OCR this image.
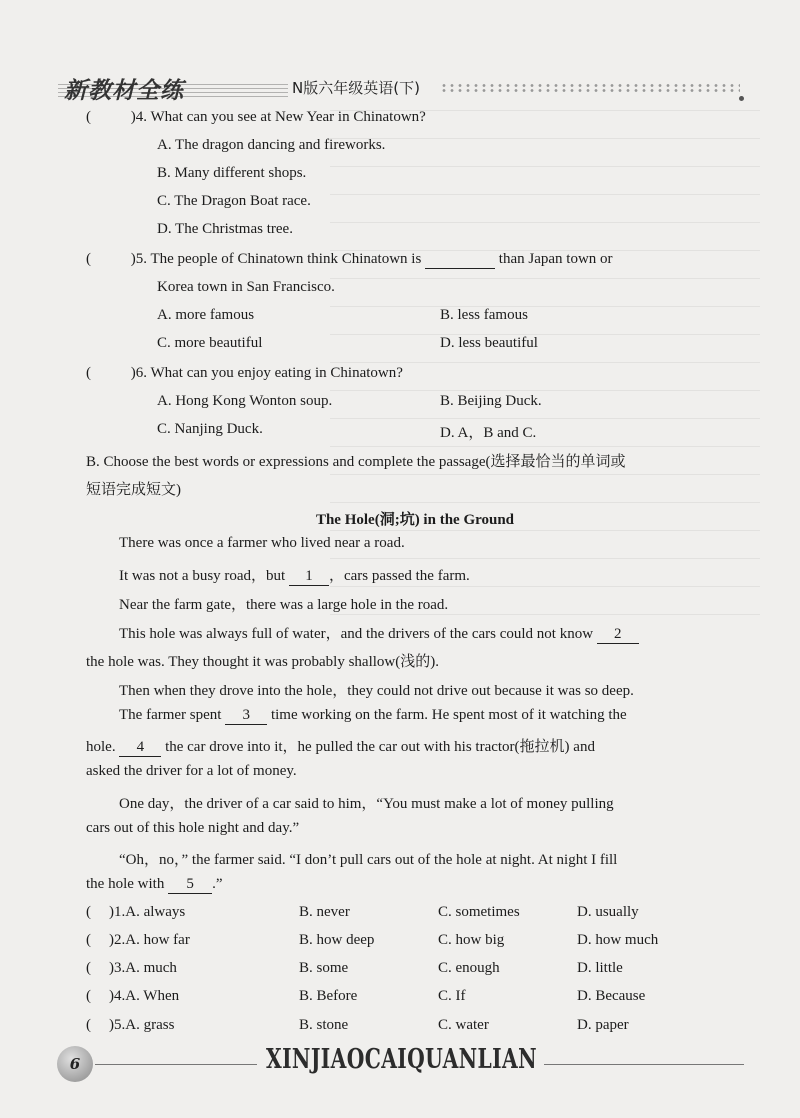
新教材全练	N版六年级英语(下)
(	)4. What can you see at New Year in Chinatown?
A. The dragon dancing and fireworks.
B. Many different shops.
C. The Dragon Boat race.
D. The Christmas tree.
(	)5. The people of Chinatown think Chinatown is	than Japan town or
Korea town in San Francisco.
A. more famous	B. less famous
C. more beautiful	D. less beautiful
(	)6. What can you enjoy eating in Chinatown?
A. Hong Kong Wonton soup.	B. Beijing Duck.
C. Nanjing Duck.	D. A，B and C.
B. Choose the best words or expressions and complete the passage(选择最恰当的单词或
短语完成短文)
The Hole(洞;坑) in the Ground
There was once a farmer who lived near a road.
It was not a busy road，but 1 ，cars passed the farm.
Near the farm gate，there was a large hole in the road.
This hole was always full of water，and the drivers of the cars could not know 2
the hole was. They thought it was probably shallow(浅的).
Then when they drove into the hole，they could not drive out because it was so deep.
The farmer spent 3 time working on the farm. He spent most of it watching the
hole. 4 the car drove into it，he pulled the car out with his tractor(拖拉机) and
asked the driver for a lot of money.
One day，the driver of a car said to him，“You must make a lot of money pulling
cars out of this hole night and day.”
“Oh，no，” the farmer said. “I don’t pull cars out of the hole at night. At night I fill
the hole with 5 .”
( )1.A. always	B. never	C. sometimes	D. usually
( )2.A. how far	B. how deep	C. how big	D. how much
( )3.A. much	B. some	C. enough	D. little
( )4.A. When	B. Before	C. If	D. Because
( )5.A. grass	B. stone	C. water	D. paper
6	XINJIAOCAIQUANLIAN
